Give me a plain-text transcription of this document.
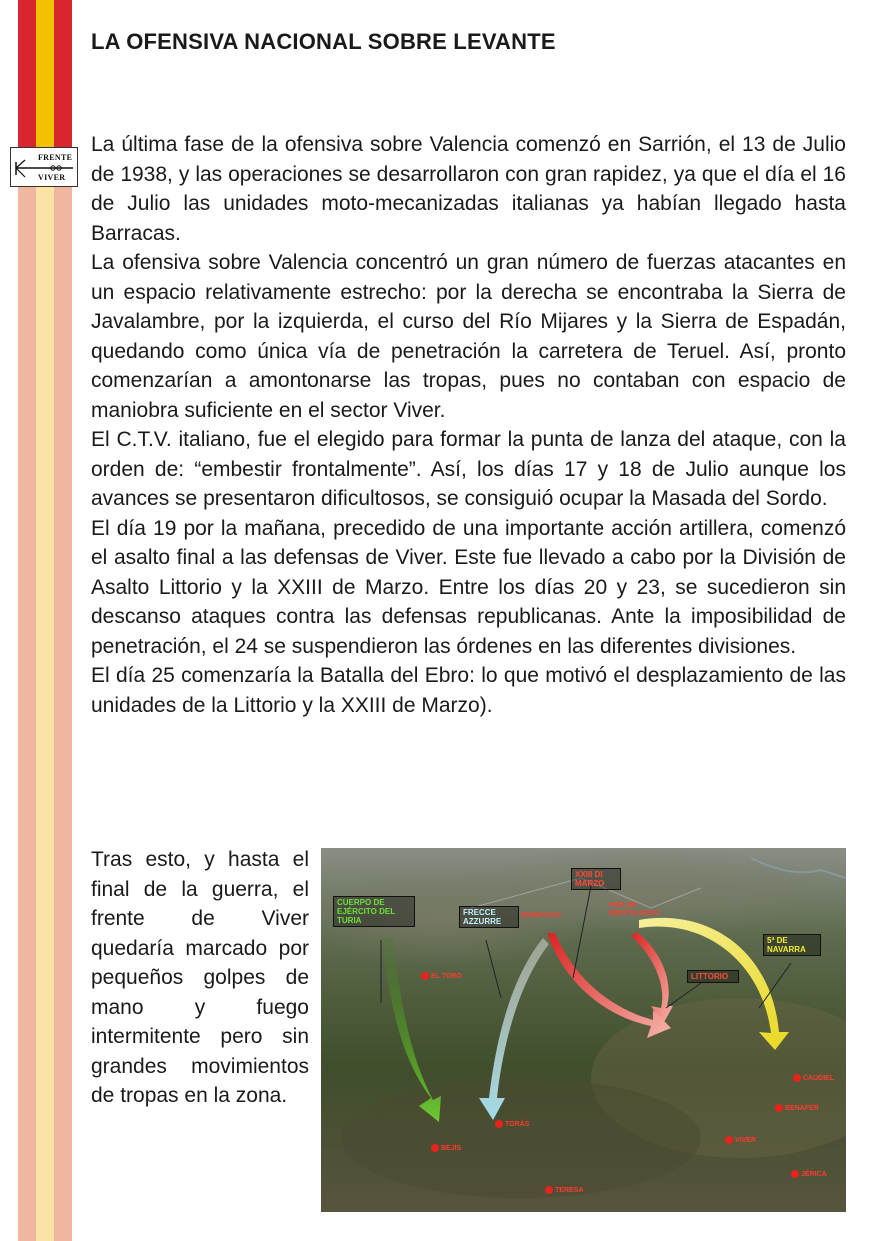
FRENTE
VIVER
LA OFENSIVA NACIONAL SOBRE LEVANTE

La última fase de la ofensiva sobre Valencia comenzó en Sarrión, el 13 de Julio de 1938, y las operaciones se desarrollaron con gran rapidez, ya que el día el 16 de Julio las unidades moto-mecanizadas italianas ya habían llegado hasta Barracas.

La ofensiva sobre Valencia concentró un gran número de fuerzas atacantes en un espacio relativamente estrecho: por la derecha se encontraba la Sierra de Javalambre, por la izquierda, el curso del Río Mijares y la Sierra de Espadán, quedando como única vía de penetración la carretera de Teruel. Así, pronto comenzarían a amontonarse las tropas, pues no contaban con espacio de maniobra suficiente en el sector Viver.

El C.T.V. italiano, fue el elegido para formar la punta de lanza del ataque, con la orden de: “embestir frontalmente”. Así, los días 17 y 18 de Julio aunque los avances se presentaron dificultosos, se consiguió ocupar la Masada del Sordo.

El día 19 por la mañana, precedido de una importante acción artillera, comenzó el asalto final a las defensas de Viver. Este fue llevado a cabo por la División de Asalto Littorio y la XXIII de Marzo. Entre los días 20 y 23, se sucedieron sin descanso ataques contra las defensas republicanas. Ante la imposibilidad de penetración, el 24 se suspendieron las órdenes en las diferentes divisiones.

El día 25 comenzaría la Batalla del Ebro: lo que motivó el desplazamiento de las unidades de la Littorio y la XXIII de Marzo).

Tras esto, y hasta el final de la guerra, el frente de Viver quedaría marcado por pequeños golpes de mano y fuego intermitente pero sin grandes movimientos de tropas en la zona.
CUERPO DE EJÉRCITO DEL TURIA
FRECCE AZZURRE
XXIII DI MARZO
LITTORIO
5ª DE NAVARRA
BARRACAS
FINA DE MONTALGRAO
EL TORO
TORÁS
BEJÍS
TERESA
VIVER
JÉRICA
CAUDIEL
BENAFER
